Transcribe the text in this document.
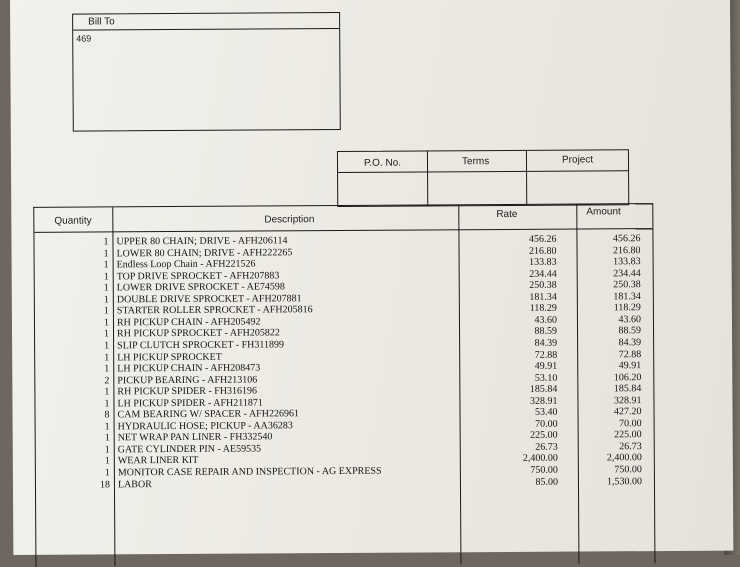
Bill To
469
P.O. No.	Terms	Project
Quantity	Description	Rate	Amount
1 UPPER 80 CHAIN; DRIVE - AFH206114	456.26	456.26
1 LOWER 80 CHAIN; DRIVE - AFH222265	216.80	216.80
1 Endless Loop Chain - AFH221526	133.83	133.83
1 TOP DRIVE SPROCKET - AFH207883	234.44	234.44
1 LOWER DRIVE SPROCKET - AE74598	250.38	250.38
1 DOUBLE DRIVE SPROCKET - AFH207881	181.34	181.34
1 STARTER ROLLER SPROCKET - AFH205816	118.29	118.29
1 RH PICKUP CHAIN - AFH205492	43.60	43.60
1 RH PICKUP SPROCKET - AFH205822	88.59	88.59
1 SLIP CLUTCH SPROCKET - FH311899	84.39	84.39
1 LH PICKUP SPROCKET	72.88	72.88
1 LH PICKUP CHAIN - AFH208473	49.91	49.91
2 PICKUP BEARING - AFH213106	53.10	106.20
1 RH PICKUP SPIDER - FH316196	185.84	185.84
1 LH PICKUP SPIDER - AFH211871	328.91	328.91
8 CAM BEARING W/ SPACER - AFH226961	53.40	427.20
1 HYDRAULIC HOSE; PICKUP - AA36283	70.00	70.00
1 NET WRAP PAN LINER - FH332540	225.00	225.00
1 GATE CYLINDER PIN - AE59535	26.73	26.73
1 WEAR LINER KIT	2,400.00	2,400.00
1 MONITOR CASE REPAIR AND INSPECTION - AG EXPRESS	750.00	750.00
18 LABOR	85.00	1,530.00
